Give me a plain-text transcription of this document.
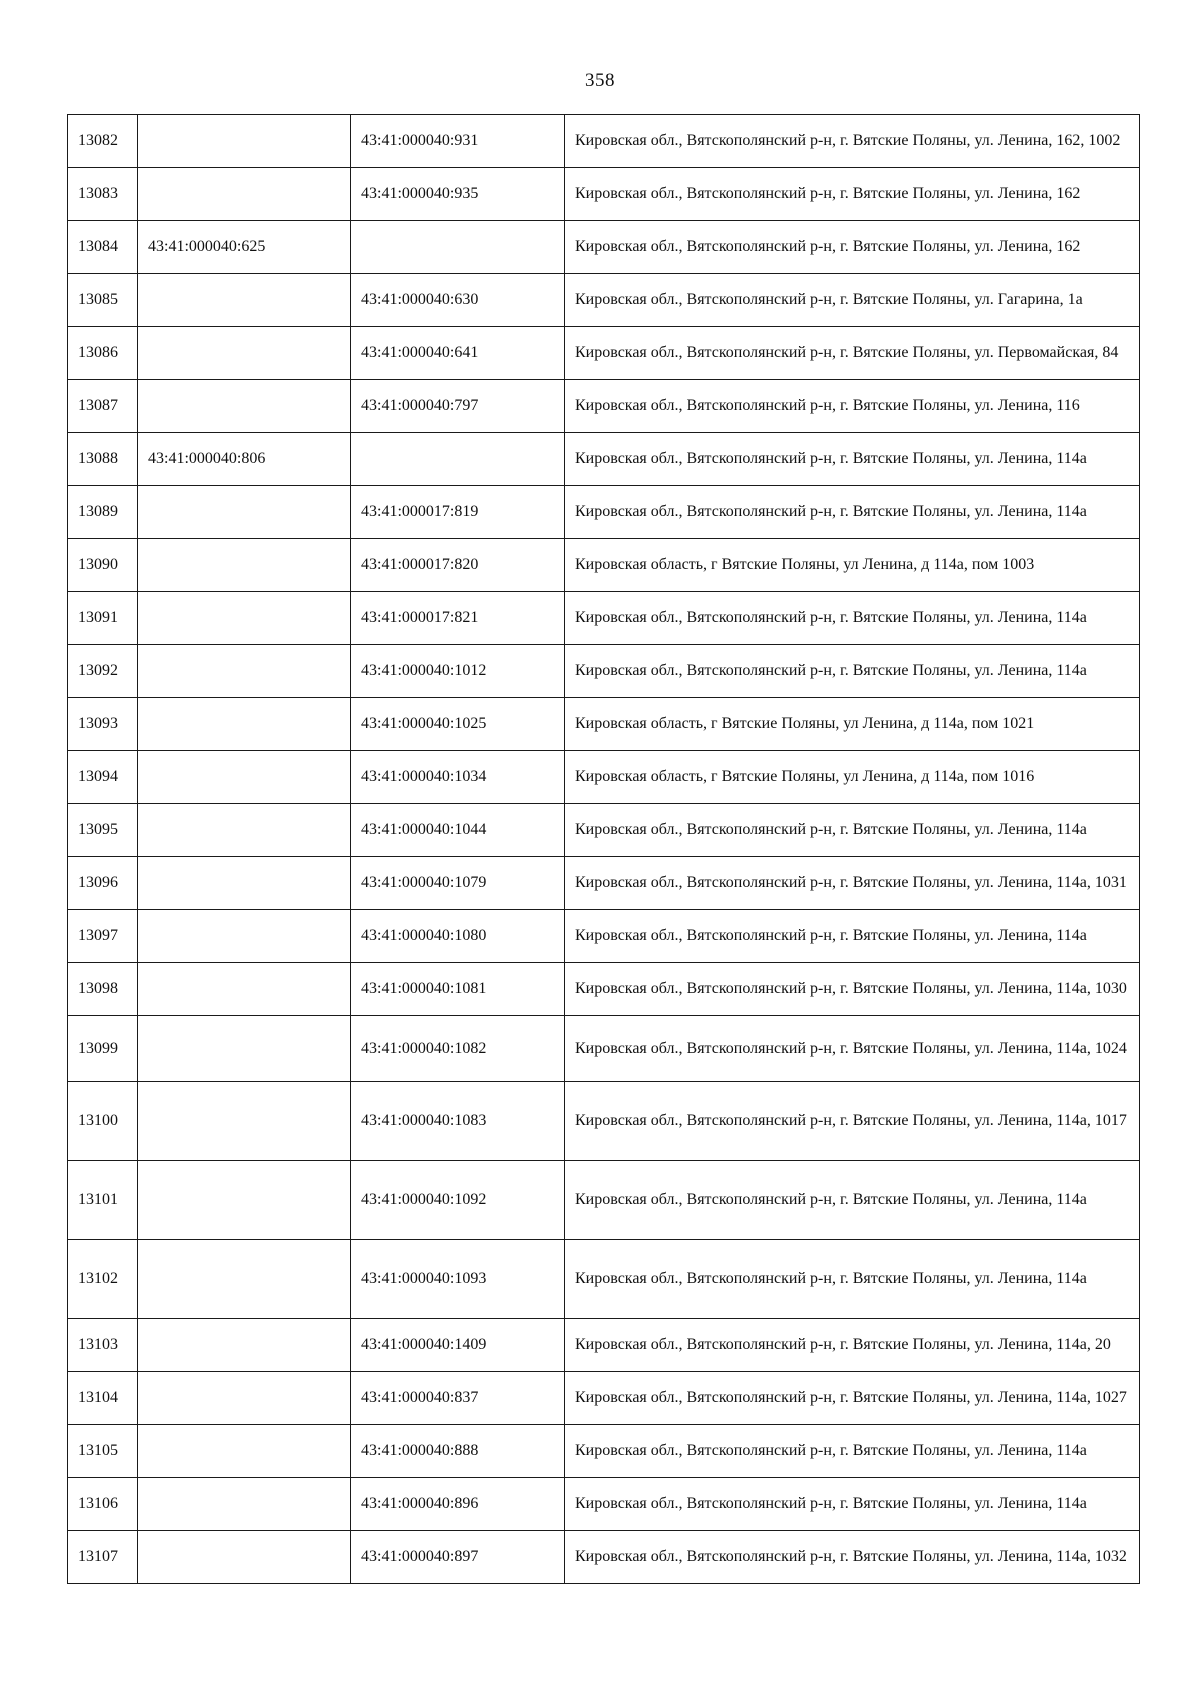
358
13082		43:41:000040:931	Кировская обл., Вятскополянский р-н, г. Вятские Поляны, ул. Ленина, 162, 1002
13083		43:41:000040:935	Кировская обл., Вятскополянский р-н, г. Вятские Поляны, ул. Ленина, 162
13084	43:41:000040:625		Кировская обл., Вятскополянский р-н, г. Вятские Поляны, ул. Ленина, 162
13085		43:41:000040:630	Кировская обл., Вятскополянский р-н, г. Вятские Поляны, ул. Гагарина, 1а
13086		43:41:000040:641	Кировская обл., Вятскополянский р-н, г. Вятские Поляны, ул. Первомайская, 84
13087		43:41:000040:797	Кировская обл., Вятскополянский р-н, г. Вятские Поляны, ул. Ленина, 116
13088	43:41:000040:806		Кировская обл., Вятскополянский р-н, г. Вятские Поляны, ул. Ленина, 114а
13089		43:41:000017:819	Кировская обл., Вятскополянский р-н, г. Вятские Поляны, ул. Ленина, 114а
13090		43:41:000017:820	Кировская область, г Вятские Поляны, ул Ленина, д 114а, пом 1003
13091		43:41:000017:821	Кировская обл., Вятскополянский р-н, г. Вятские Поляны, ул. Ленина, 114а
13092		43:41:000040:1012	Кировская обл., Вятскополянский р-н, г. Вятские Поляны, ул. Ленина, 114а
13093		43:41:000040:1025	Кировская область, г Вятские Поляны, ул Ленина, д 114а, пом 1021
13094		43:41:000040:1034	Кировская область, г Вятские Поляны, ул Ленина, д 114а, пом 1016
13095		43:41:000040:1044	Кировская обл., Вятскополянский р-н, г. Вятские Поляны, ул. Ленина, 114а
13096		43:41:000040:1079	Кировская обл., Вятскополянский р-н, г. Вятские Поляны, ул. Ленина, 114а, 1031
13097		43:41:000040:1080	Кировская обл., Вятскополянский р-н, г. Вятские Поляны, ул. Ленина, 114а
13098		43:41:000040:1081	Кировская обл., Вятскополянский р-н, г. Вятские Поляны, ул. Ленина, 114а, 1030
13099		43:41:000040:1082	Кировская обл., Вятскополянский р-н, г. Вятские Поляны, ул. Ленина, 114а, 1024
13100		43:41:000040:1083	Кировская обл., Вятскополянский р-н, г. Вятские Поляны, ул. Ленина, 114а, 1017
13101		43:41:000040:1092	Кировская обл., Вятскополянский р-н, г. Вятские Поляны, ул. Ленина, 114а
13102		43:41:000040:1093	Кировская обл., Вятскополянский р-н, г. Вятские Поляны, ул. Ленина, 114а
13103		43:41:000040:1409	Кировская обл., Вятскополянский р-н, г. Вятские Поляны, ул. Ленина, 114а, 20
13104		43:41:000040:837	Кировская обл., Вятскополянский р-н, г. Вятские Поляны, ул. Ленина, 114а, 1027
13105		43:41:000040:888	Кировская обл., Вятскополянский р-н, г. Вятские Поляны, ул. Ленина, 114а
13106		43:41:000040:896	Кировская обл., Вятскополянский р-н, г. Вятские Поляны, ул. Ленина, 114а
13107		43:41:000040:897	Кировская обл., Вятскополянский р-н, г. Вятские Поляны, ул. Ленина, 114а, 1032
